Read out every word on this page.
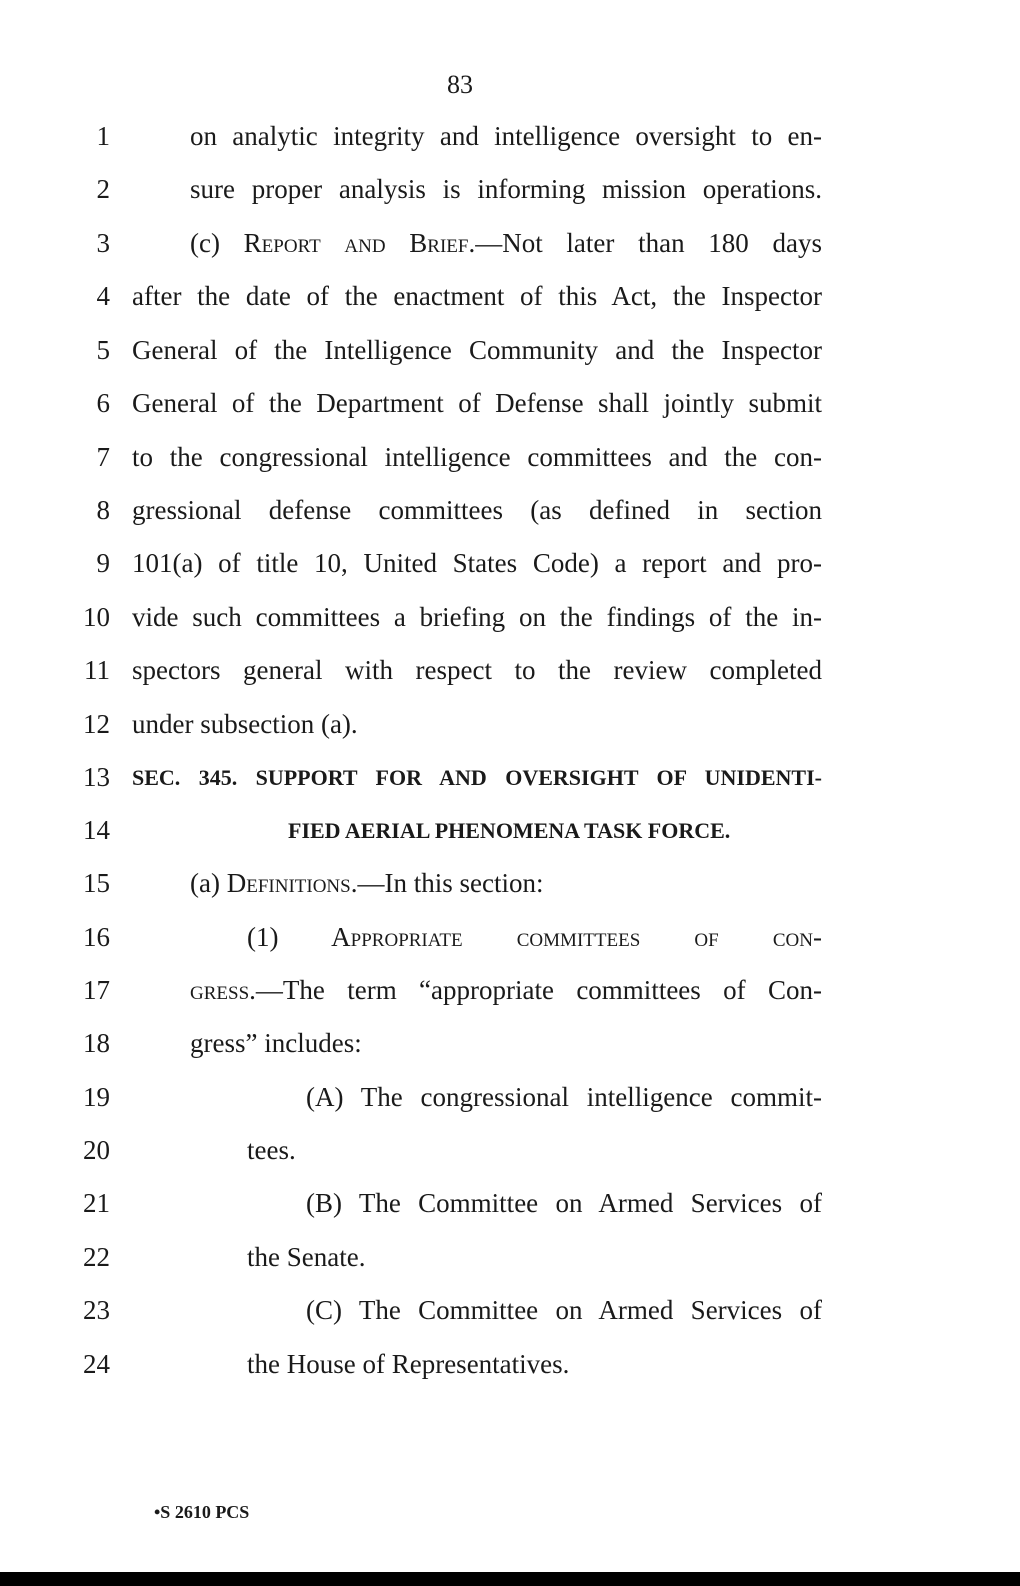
83
1	on analytic integrity and intelligence oversight to en-
2	sure proper analysis is informing mission operations.
3	(c) Report and Brief.—Not later than 180 days
4 after the date of the enactment of this Act, the Inspector
5 General of the Intelligence Community and the Inspector
6 General of the Department of Defense shall jointly submit
7 to the congressional intelligence committees and the con-
8 gressional defense committees (as defined in section
9 101(a) of title 10, United States Code) a report and pro-
10 vide such committees a briefing on the findings of the in-
11 spectors general with respect to the review completed
12 under subsection (a).
13 SEC. 345. SUPPORT FOR AND OVERSIGHT OF UNIDENTI-
14	FIED AERIAL PHENOMENA TASK FORCE.
15	(a) Definitions.—In this section:
16	(1) Appropriate committees of con-
17	gress.—The term “appropriate committees of Con-
18	gress” includes:
19	(A) The congressional intelligence commit-
20	tees.
21	(B) The Committee on Armed Services of
22	the Senate.
23	(C) The Committee on Armed Services of
24	the House of Representatives.
•S 2610 PCS
